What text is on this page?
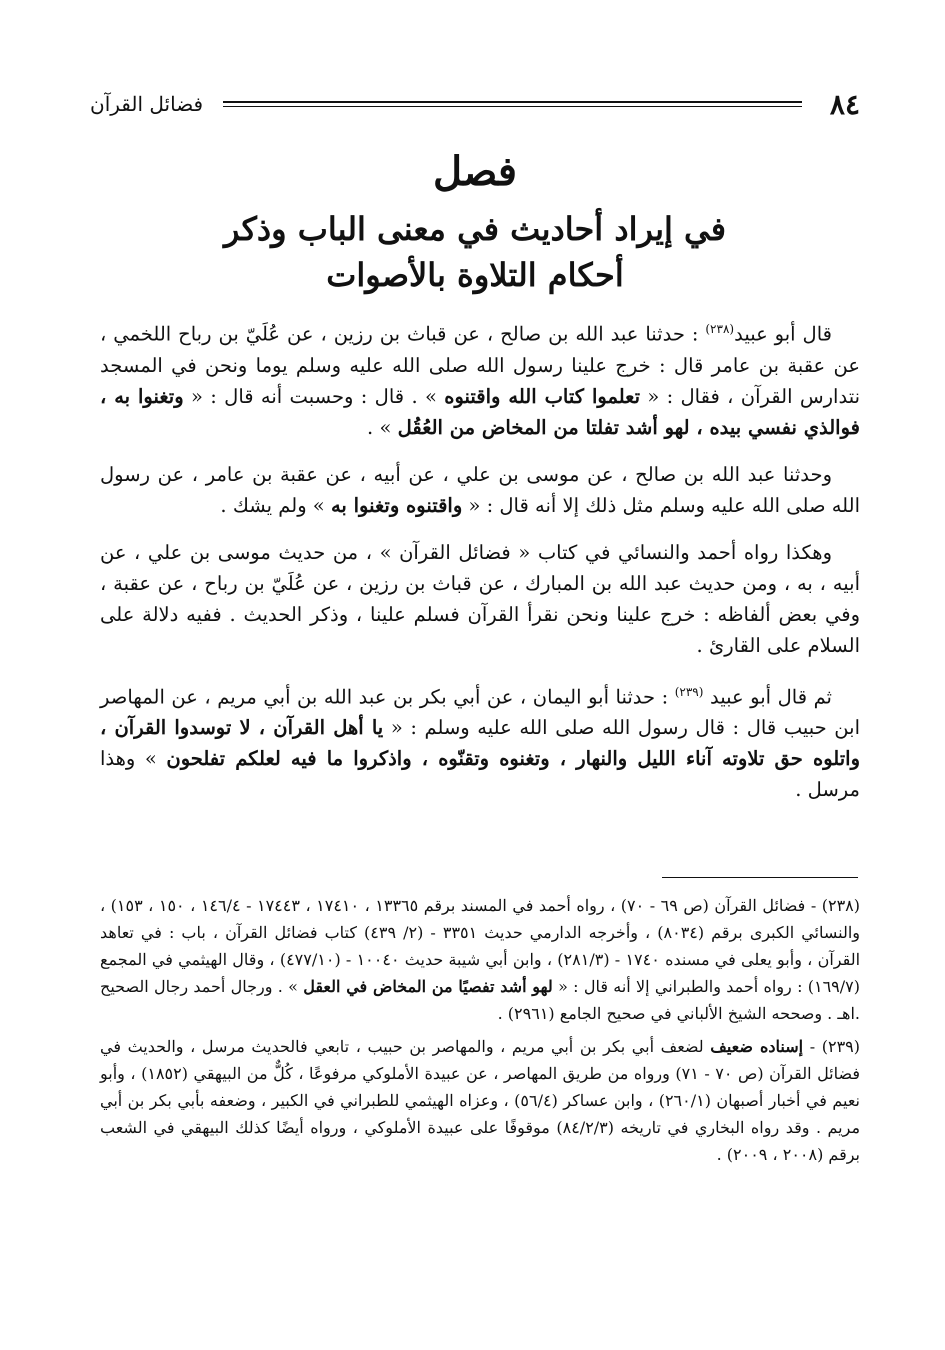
٨٤
فضائل القرآن

فصل

في إيراد أحاديث في معنى الباب وذكر

أحكام التلاوة بالأصوات

قال أبو عبيد$^{(٢٣٨)}$ : حدثنا عبد الله بن صالح ، عن قباث بن رزين ، عن عُلَيّ بن رباح اللخمي ، عن عقبة بن عامر قال : خرج علينا رسول الله صلى الله عليه وسلم يوما ونحن في المسجد نتدارس القرآن ، فقال : « تعلموا كتاب الله واقتنوه » . قال : وحسبت أنه قال : « وتغنوا به ، فوالذي نفسي بيده ، لهو أشد تفلتا من المخاض من العُقُل » .

وحدثنا عبد الله بن صالح ، عن موسى بن علي ، عن أبيه ، عن عقبة بن عامر ، عن رسول الله صلى الله عليه وسلم مثل ذلك إلا أنه قال : « واقتنوه وتغنوا به » ولم يشك .

وهكذا رواه أحمد والنسائي في كتاب « فضائل القرآن » ، من حديث موسى بن علي ، عن أبيه ، به ، ومن حديث عبد الله بن المبارك ، عن قباث بن رزين ، عن عُلَيّ بن رباح ، عن عقبة ، وفي بعض ألفاظه : خرج علينا ونحن نقرأ القرآن فسلم علينا ، وذكر الحديث . ففيه دلالة على السلام على القارئ .

ثم قال أبو عبيد $^{(٢٣٩)}$ : حدثنا أبو اليمان ، عن أبي بكر بن عبد الله بن أبي مريم ، عن المهاصر ابن حبيب قال : قال رسول الله صلى الله عليه وسلم : « يا أهل القرآن ، لا توسدوا القرآن ، واتلوه حق تلاوته آناء الليل والنهار ، وتغنوه وتقنّوه ، واذكروا ما فيه لعلكم تفلحون » وهذا مرسل .

(٢٣٨) - فضائل القرآن (ص ٦٩ - ٧٠) ، رواه أحمد في المسند برقم ١٣٣٦٥ ، ١٧٤١٠ ، ١٧٤٤٣ - ١٤٦/٤ ، ١٥٠ ، ١٥٣) ، والنسائي الكبرى برقم (٨٠٣٤) ، وأخرجه الدارمي حديث ٣٣٥١ - (٢/ ٤٣٩) كتاب فضائل القرآن ، باب : في تعاهد القرآن ، وأبو يعلى في مسنده ١٧٤٠ - (٢٨١/٣) ، وابن أبي شيبة حديث ١٠٠٤٠ - (٤٧٧/١٠) ، وقال الهيثمي في المجمع (١٦٩/٧) : رواه أحمد والطبراني إلا أنه قال : « لهو أشد تفصيًا من المخاض في العقل » . ورجال أحمد رجال الصحيح .اهـ . وصححه الشيخ الألباني في صحيح الجامع (٢٩٦١) .

(٢٣٩) - إسناده ضعيف لضعف أبي بكر بن أبي مريم ، والمهاصر بن حبيب ، تابعي فالحديث مرسل ، والحديث في فضائل القرآن (ص ٧٠ - ٧١) ورواه من طريق المهاصر ، عن عبيدة الأملوكي مرفوعًا ، كُلٌّ من البيهقي (١٨٥٢) ، وأبو نعيم في أخبار أصبهان (٢٦٠/١) ، وابن عساكر (٥٦/٤) ، وعزاه الهيثمي للطبراني في الكبير ، وضعفه بأبي بكر بن أبي مريم . وقد رواه البخاري في تاريخه (٨٤/٢/٣) موقوفًا على عبيدة الأملوكي ، ورواه أيضًا كذلك البيهقي في الشعب برقم (٢٠٠٨ ، ٢٠٠٩) .
